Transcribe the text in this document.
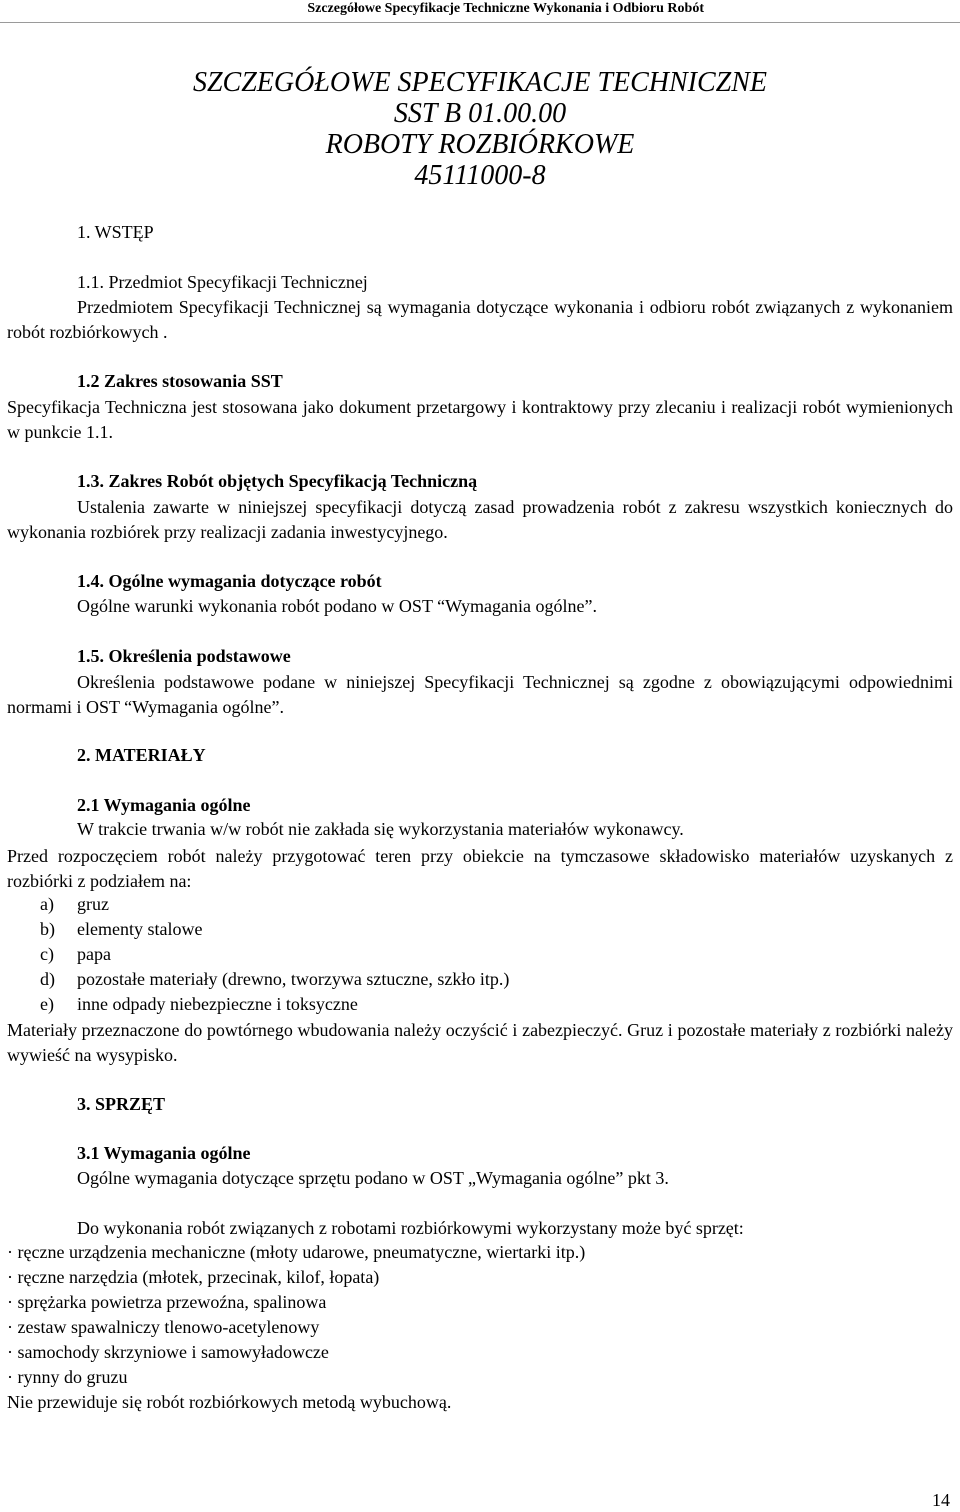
Szczegółowe Specyfikacje Techniczne Wykonania i Odbioru Robót
SZCZEGÓŁOWE SPECYFIKACJE TECHNICZNE
SST B 01.00.00
ROBOTY ROZBIÓRKOWE
45111000-8
1. WSTĘP
1.1. Przedmiot Specyfikacji Technicznej
Przedmiotem Specyfikacji Technicznej są wymagania dotyczące wykonania i odbioru robót związanych z wykonaniem robót rozbiórkowych .
1.2 Zakres stosowania SST
Specyfikacja Techniczna jest stosowana jako dokument przetargowy i kontraktowy przy zlecaniu i realizacji robót wymienionych w punkcie 1.1.
1.3. Zakres Robót objętych Specyfikacją Techniczną
Ustalenia zawarte w niniejszej specyfikacji dotyczą zasad prowadzenia robót z zakresu wszystkich koniecznych do wykonania rozbiórek przy realizacji zadania inwestycyjnego.
1.4. Ogólne wymagania dotyczące robót
Ogólne warunki wykonania robót podano w OST “Wymagania ogólne”.
1.5. Określenia podstawowe
Określenia podstawowe podane w niniejszej Specyfikacji Technicznej są zgodne z obowiązującymi odpowiednimi normami i OST “Wymagania ogólne”.
2. MATERIAŁY
2.1 Wymagania ogólne
W trakcie trwania w/w robót nie zakłada się wykorzystania materiałów wykonawcy.
Przed rozpoczęciem robót należy przygotować teren przy obiekcie na tymczasowe składowisko materiałów uzyskanych z rozbiórki z podziałem na:
a) gruz
b) elementy stalowe
c) papa
d) pozostałe materiały (drewno, tworzywa sztuczne, szkło itp.)
e) inne odpady niebezpieczne i toksyczne
Materiały przeznaczone do powtórnego wbudowania należy oczyścić i zabezpieczyć. Gruz i pozostałe materiały z rozbiórki należy wywieść na wysypisko.
3. SPRZĘT
3.1 Wymagania ogólne
Ogólne wymagania dotyczące sprzętu podano w OST „Wymagania ogólne” pkt 3.
Do wykonania robót związanych z robotami rozbiórkowymi wykorzystany może być sprzęt:
· ręczne urządzenia mechaniczne (młoty udarowe, pneumatyczne, wiertarki itp.)
· ręczne narzędzia (młotek, przecinak, kilof, łopata)
· sprężarka powietrza przewoźna, spalinowa
· zestaw spawalniczy tlenowo-acetylenowy
· samochody skrzyniowe i samowyładowcze
· rynny do gruzu
Nie przewiduje się robót rozbiórkowych metodą wybuchową.
14
